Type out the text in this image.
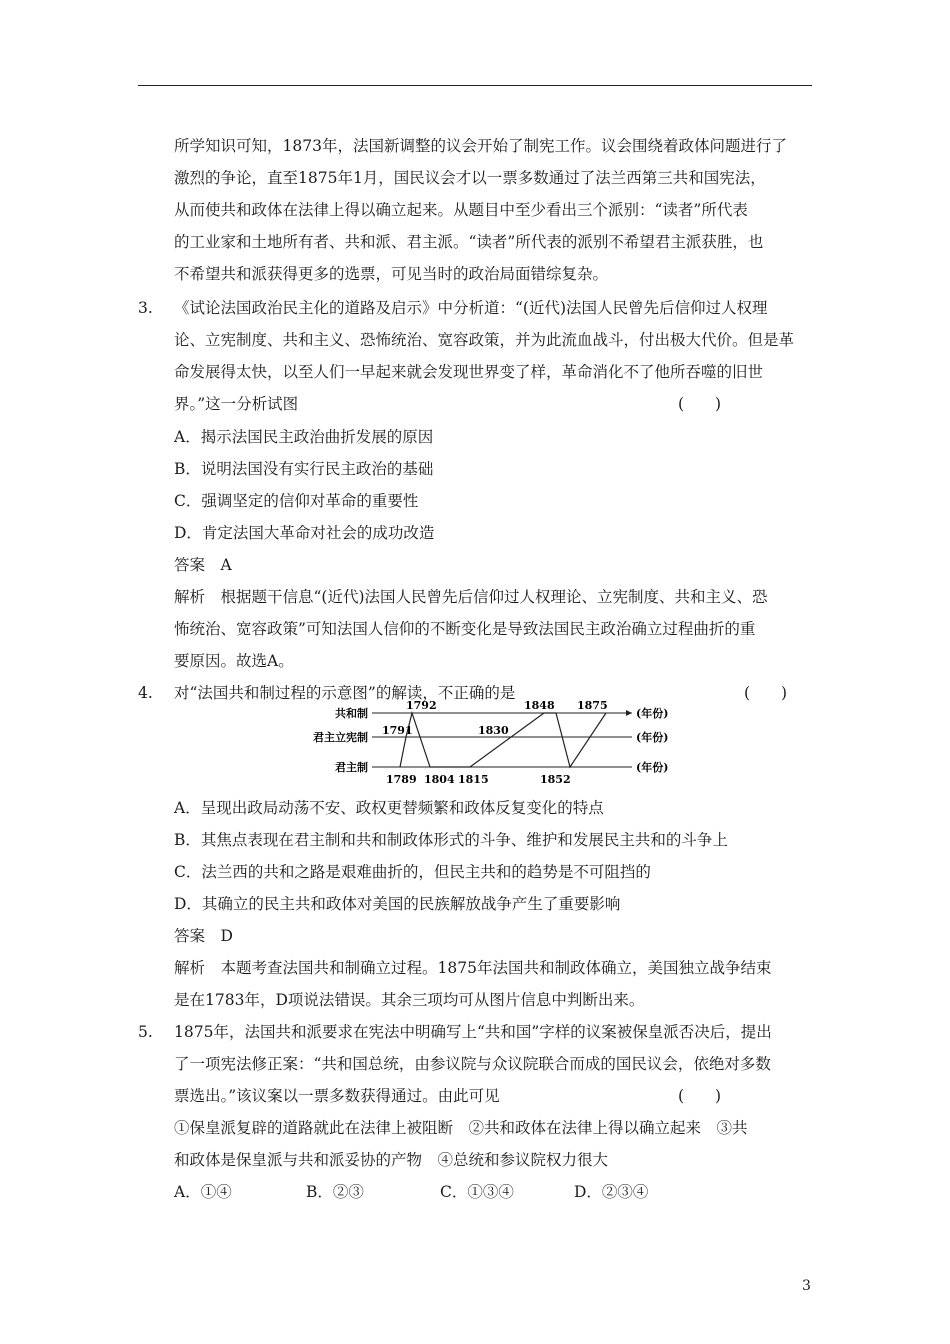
所学知识可知，1873年，法国新调整的议会开始了制宪工作。议会围绕着政体问题进行了
激烈的争论，直至1875年1月，国民议会才以一票多数通过了法兰西第三共和国宪法，
从而使共和政体在法律上得以确立起来。从题目中至少看出三个派别：“读者”所代表
的工业家和土地所有者、共和派、君主派。“读者”所代表的派别不希望君主派获胜，也
不希望共和派获得更多的选票，可见当时的政治局面错综复杂。
3. 《试论法国政治民主化的道路及启示》中分析道：“(近代)法国人民曾先后信仰过人权理
论、立宪制度、共和主义、恐怖统治、宽容政策，并为此流血战斗，付出极大代价。但是革
命发展得太快，以至人们一早起来就会发现世界变了样，革命消化不了他所吞噬的旧世
界。”这一分析试图	(　　)
A．揭示法国民主政治曲折发展的原因
B．说明法国没有实行民主政治的基础
C．强调坚定的信仰对革命的重要性
D．肯定法国大革命对社会的成功改造
答案　A
解析　根据题干信息“(近代)法国人民曾先后信仰过人权理论、立宪制度、共和主义、恐
怖统治、宽容政策”可知法国人信仰的不断变化是导致法国民主政治确立过程曲折的重
要原因。故选A。
4. 对“法国共和制过程的示意图”的解读，不正确的是	(　　)
共和制
君主立宪制
君主制
(年份)
(年份)
(年份)
1789
1791
1792
1804 1815
1830
1848
1852
1875
A．呈现出政局动荡不安、政权更替频繁和政体反复变化的特点
B．其焦点表现在君主制和共和制政体形式的斗争、维护和发展民主共和的斗争上
C．法兰西的共和之路是艰难曲折的，但民主共和的趋势是不可阻挡的
D．其确立的民主共和政体对美国的民族解放战争产生了重要影响
答案　D
解析　本题考查法国共和制确立过程。1875年法国共和制政体确立，美国独立战争结束
是在1783年，D项说法错误。其余三项均可从图片信息中判断出来。
5. 1875年，法国共和派要求在宪法中明确写上“共和国”字样的议案被保皇派否决后，提出
了一项宪法修正案：“共和国总统，由参议院与众议院联合而成的国民议会，依绝对多数
票选出。”该议案以一票多数获得通过。由此可见	(　　)
①保皇派复辟的道路就此在法律上被阻断　②共和政体在法律上得以确立起来　③共
和政体是保皇派与共和派妥协的产物　④总统和参议院权力很大
A．①④	B．②③	C．①③④	D．②③④
3
